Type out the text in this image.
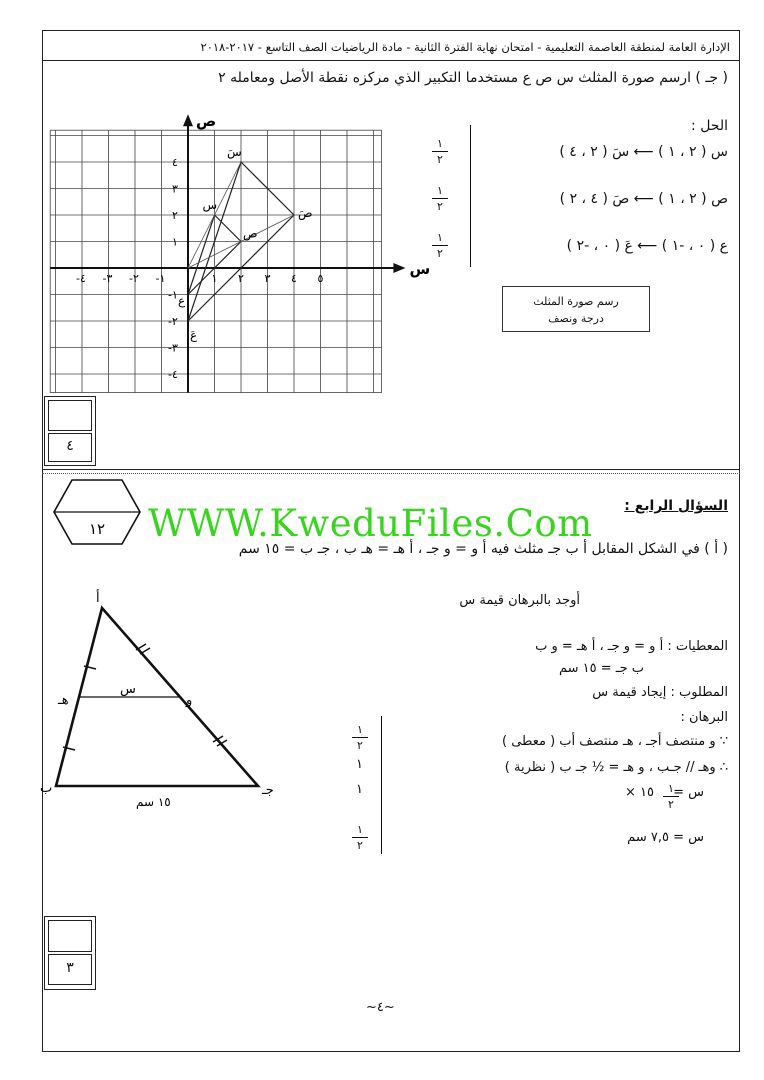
الإدارة العامة لمنطقة العاصمة التعليمية - امتحان نهاية الفترة الثانية - مادة الرياضيات الصف التاسع - ٢٠١٧-٢٠١٨
( جـ ) ارسم صورة المثلث س ص ع مستخدما التكبير الذي مركزه نقطة الأصل ومعامله ٢
س
ص
١ ٢ ٣ ٤ ٥
-١
-٢
-٣
-٤
١
٢
٣
٤
-١
-٢
-٣
-٤
س
ص
ع
سَ
صَ
عَ
الحل :
س ( ٢ ، ١ ) ⟵ سَ ( ٢ ، ٤ )
ص ( ٢ ، ١ ) ⟵ صَ ( ٤ ، ٢ )
ع ( ٠ ، -١ ) ⟵ عَ ( ٠ ، -٢ )
١
٢
١
٢
١
٢
رسم صورة المثلث
درجة ونصف
٤
١٢
السؤال الرابع :
WWW.KweduFiles.Com
( أ ) في الشكل المقابل أ ب جـ مثلث فيه أ و = و جـ ، أ هـ = هـ ب ، جـ ب = ١٥ سم
أوجد بالبرهان قيمة س
المعطيات : أ و = و جـ ، أ هـ = و ب
ب جـ = ١٥ سم
المطلوب : إيجاد قيمة س
البرهان :
∵ و منتصف أجـ ، هـ منتصف أب ( معطى )
∴ وهـ // جـب ، و هـ = ½ جـ ب ( نظرية )
س =
١
٢
١٥ ×
س = ٧,٥ سم
١
٢
١
١
١
٢
أ
ب	جـ
هـ	و
س
١٥ سم
٣
~٤~
